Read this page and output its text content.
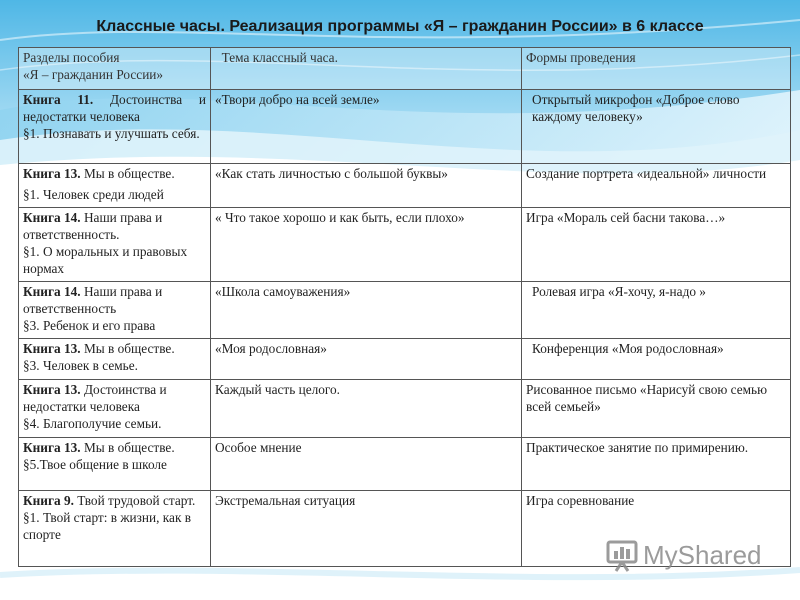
Классные часы. Реализация программы «Я – гражданин России» в 6 классе
Разделы пособия
«Я – гражданин России»	Тема классный часа.	Формы проведения

Книга 11. Достоинства и недостатки человека
§1. Познавать и улучшать себя.	«Твори добро на всей земле»	Открытый микрофон «Доброе слово каждому человеку»

Книга 13. Мы в обществе.
§1. Человек среди людей	«Как стать личностью с большой буквы»	Создание портрета «идеальной» личности

Книга 14. Наши права и ответственность.
§1. О моральных и правовых нормах	« Что такое хорошо и как быть, если плохо»	Игра «Мораль сей басни такова…»

Книга 14. Наши права и ответственность
§3. Ребенок и его права	«Школа самоуважения»	Ролевая игра «Я-хочу, я-надо »

Книга 13. Мы в обществе.
§3. Человек в семье.	«Моя родословная»	Конференция «Моя родословная»

Книга 13. Достоинства и недостатки человека
§4. Благополучие семьи.	Каждый часть целого.	Рисованное письмо «Нарисуй свою семью всей семьей»

Книга 13. Мы в обществе.
§5.Твое общение в школе	Особое мнение	Практическое занятие по примирению.

Книга 9. Твой трудовой старт.
§1. Твой старт: в жизни, как в спорте	Экстремальная ситуация	Игра соревнование
MyShared
